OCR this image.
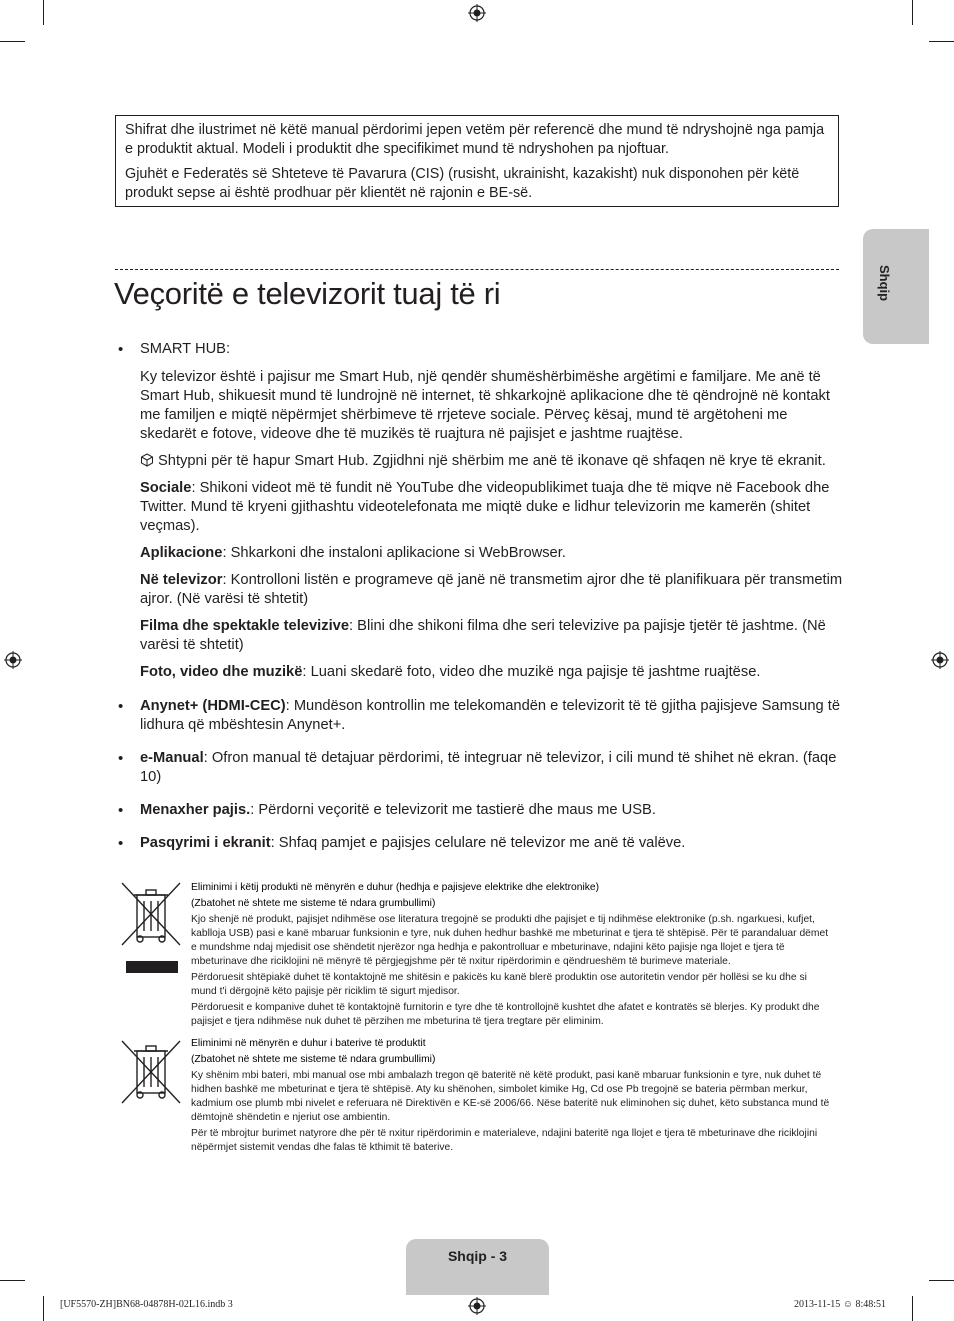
Shifrat dhe ilustrimet në këtë manual përdorimi jepen vetëm për referencë dhe mund të ndryshojnë nga pamja e produktit aktual. Modeli i produktit dhe specifikimet mund të ndryshohen pa njoftuar.

Gjuhët e Federatës së Shteteve të Pavarura (CIS) (rusisht, ukrainisht, kazakisht) nuk disponohen për këtë produkt sepse ai është prodhuar për klientët në rajonin e BE-së.

Veçoritë e televizorit tuaj të ri	Shqip
• SMART HUB:

Ky televizor është i pajisur me Smart Hub, një qendër shumëshërbimëshe argëtimi e familjare. Me anë të Smart Hub, shikuesit mund të lundrojnë në internet, të shkarkojnë aplikacione dhe të qëndrojnë në kontakt me familjen e miqtë nëpërmjet shërbimeve të rrjeteve sociale. Përveç kësaj, mund të argëtoheni me skedarët e fotove, videove dhe të muzikës të ruajtura në pajisjet e jashtme ruajtëse.

Shtypni për të hapur Smart Hub. Zgjidhni një shërbim me anë të ikonave që shfaqen në krye të ekranit.

Sociale: Shikoni videot më të fundit në YouTube dhe videopublikimet tuaja dhe të miqve në Facebook dhe Twitter. Mund të kryeni gjithashtu videotelefonata me miqtë duke e lidhur televizorin me kamerën (shitet veçmas).

Aplikacione: Shkarkoni dhe instaloni aplikacione si WebBrowser.

Në televizor: Kontrolloni listën e programeve që janë në transmetim ajror dhe të planifikuara për transmetim ajror. (Në varësi të shtetit)

Filma dhe spektakle televizive: Blini dhe shikoni filma dhe seri televizive pa pajisje tjetër të jashtme. (Në varësi të shtetit)

Foto, video dhe muzikë: Luani skedarë foto, video dhe muzikë nga pajisje të jashtme ruajtëse.

• Anynet+ (HDMI-CEC): Mundëson kontrollin me telekomandën e televizorit të të gjitha pajisjeve Samsung të lidhura që mbështesin Anynet+.
• e-Manual: Ofron manual të detajuar përdorimi, të integruar në televizor, i cili mund të shihet në ekran. (faqe 10)
• Menaxher pajis.: Përdorni veçoritë e televizorit me tastierë dhe maus me USB.
• Pasqyrimi i ekranit: Shfaq pamjet e pajisjes celulare në televizor me anë të valëve.

Eliminimi i këtij produkti në mënyrën e duhur (hedhja e pajisjeve elektrike dhe elektronike)

(Zbatohet në shtete me sisteme të ndara grumbullimi)

Kjo shenjë në produkt, pajisjet ndihmëse ose literatura tregojnë se produkti dhe pajisjet e tij ndihmëse elektronike (p.sh. ngarkuesi, kufjet, kablloja USB) pasi e kanë mbaruar funksionin e tyre, nuk duhen hedhur bashkë me mbeturinat e tjera të shtëpisë. Për të parandaluar dëmet e mundshme ndaj mjedisit ose shëndetit njerëzor nga hedhja e pakontrolluar e mbeturinave, ndajini këto pajisje nga llojet e tjera të mbeturinave dhe riciklojini në mënyrë të përgjegjshme për të nxitur ripërdorimin e qëndrueshëm të burimeve materiale.

Përdoruesit shtëpiakë duhet të kontaktojnë me shitësin e pakicës ku kanë blerë produktin ose autoritetin vendor për hollësi se ku dhe si mund t'i dërgojnë këto pajisje për riciklim të sigurt mjedisor.

Përdoruesit e kompanive duhet të kontaktojnë furnitorin e tyre dhe të kontrollojnë kushtet dhe afatet e kontratës së blerjes. Ky produkt dhe pajisjet e tjera ndihmëse nuk duhet të përzihen me mbeturina të tjera tregtare për eliminim.

Eliminimi në mënyrën e duhur i baterive të produktit

(Zbatohet në shtete me sisteme të ndara grumbullimi)

Ky shënim mbi bateri, mbi manual ose mbi ambalazh tregon që bateritë në këtë produkt, pasi kanë mbaruar funksionin e tyre, nuk duhet të hidhen bashkë me mbeturinat e tjera të shtëpisë. Aty ku shënohen, simbolet kimike Hg, Cd ose Pb tregojnë se bateria përmban merkur, kadmium ose plumb mbi nivelet e referuara në Direktivën e KE-së 2006/66. Nëse bateritë nuk eliminohen siç duhet, këto substanca mund të dëmtojnë shëndetin e njeriut ose ambientin.

Për të mbrojtur burimet natyrore dhe për të nxitur ripërdorimin e materialeve, ndajini bateritë nga llojet e tjera të mbeturinave dhe riciklojini nëpërmjet sistemit vendas dhe falas të kthimit të baterive.

Shqip - 3
[UF5570-ZH]BN68-04878H-02L16.indb 3	2013-11-15 ☺ 8:48:51
